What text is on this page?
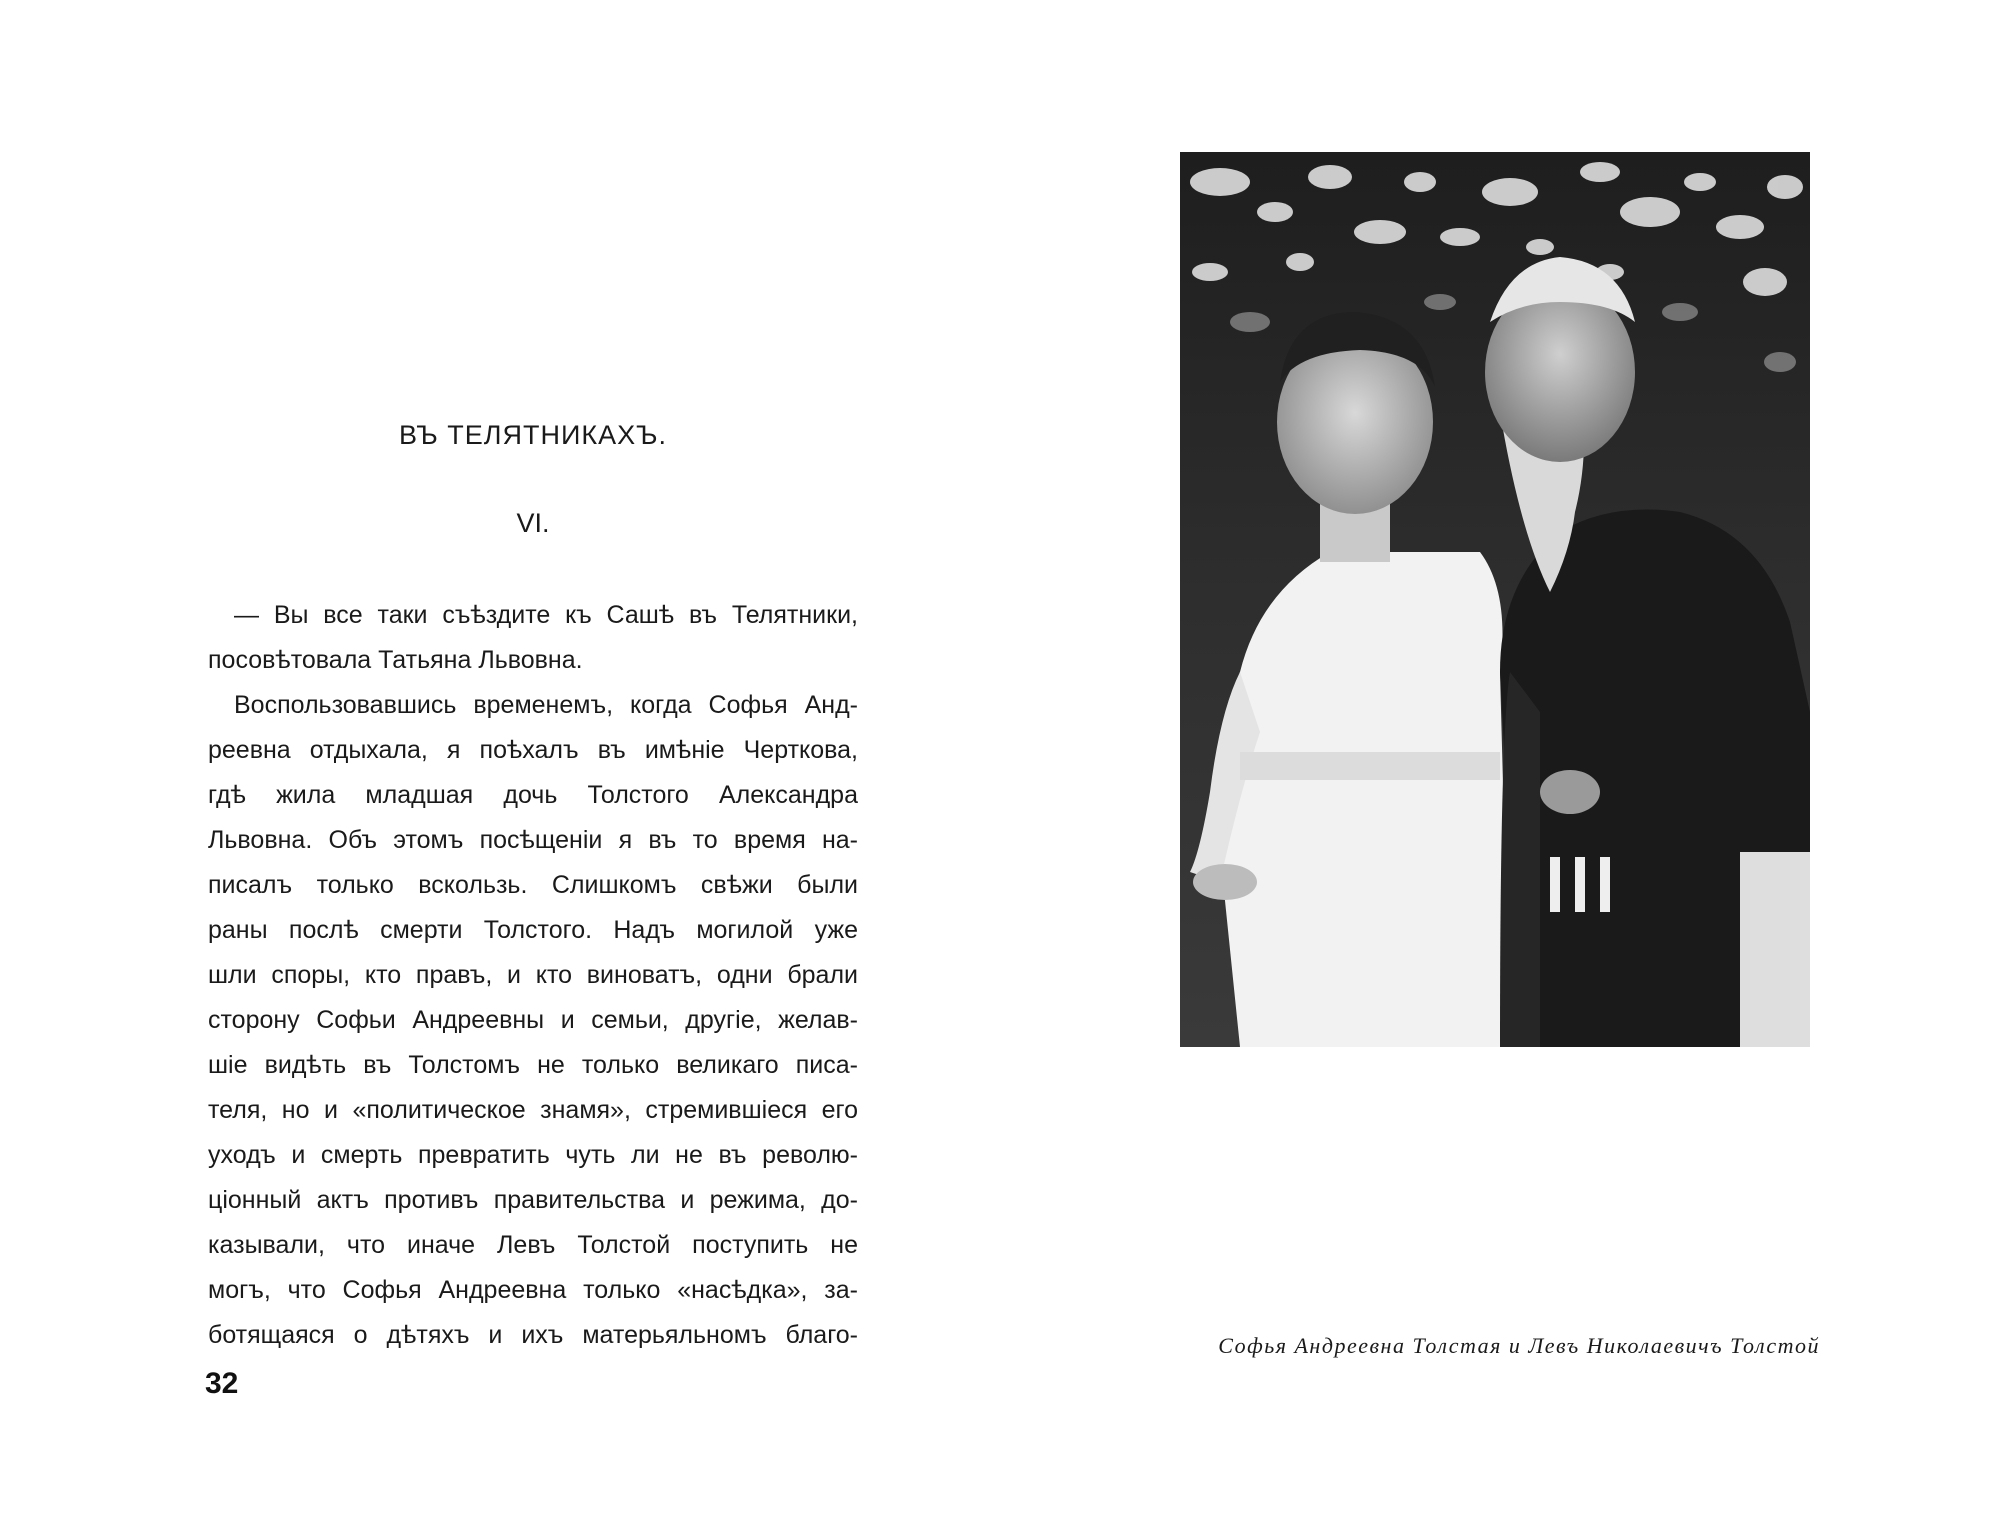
ВЪ ТЕЛЯТНИКАХЪ.
VI.
— Вы все таки съѣздите къ Сашѣ въ Телятники,
посовѣтовала Татьяна Львовна.
Воспользовавшись временемъ, когда Софья Анд-
реевна отдыхала, я поѣхалъ въ имѣнiе Черткова,
гдѣ жила младшая дочь Толстого Александра
Львовна. Объ этомъ посѣщенiи я въ то время на-
писалъ только вскользь. Слишкомъ свѣжи были
раны послѣ смерти Толстого. Надъ могилой уже
шли споры, кто правъ, и кто виноватъ, одни брали
сторону Софьи Андреевны и семьи, другiе, желав-
шiе видѣть въ Толстомъ не только великаго писа-
теля, но и «политическое знамя», стремившiеся его
уходъ и смерть превратить чуть ли не въ револю-
цiонный актъ противъ правительства и режима, до-
казывали, что иначе Левъ Толстой поступить не
могъ, что Софья Андреевна только «насѣдка», за-
ботящаяся о дѣтяхъ и ихъ матерьяльномъ благо-
32
Софья Андреевна Толстая и Левъ Николаевичъ Толстой
